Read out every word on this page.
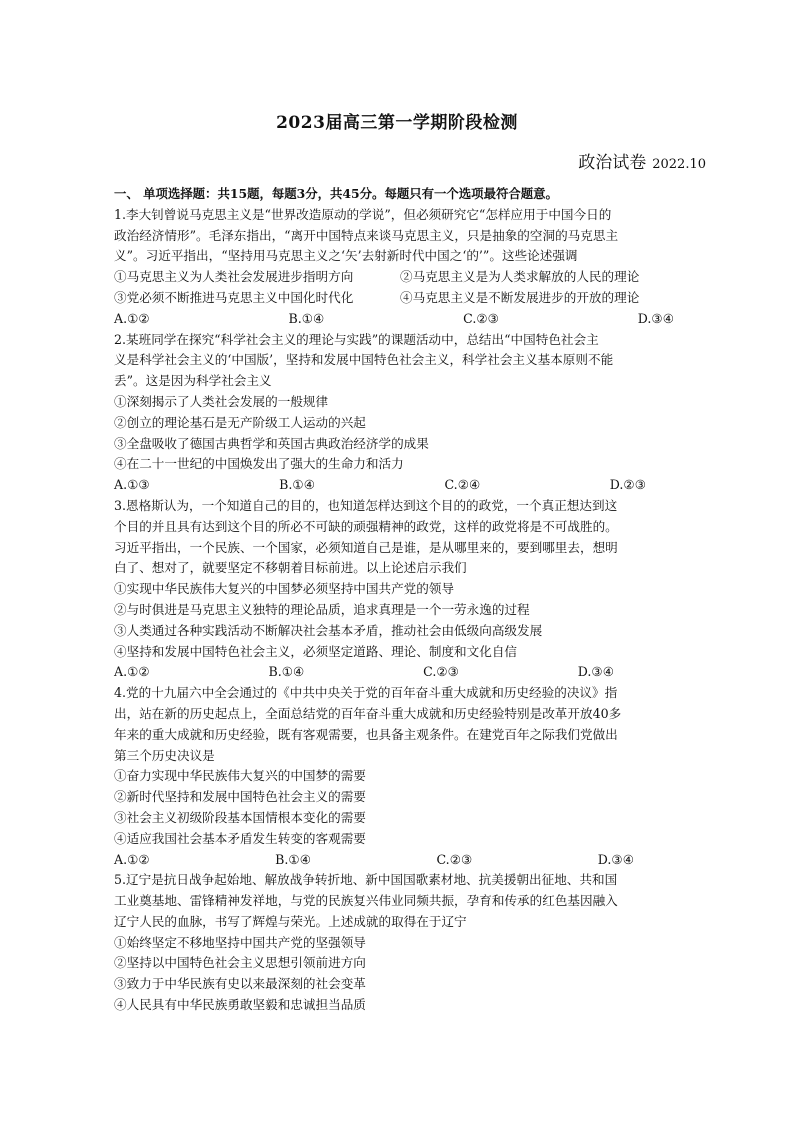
2023届高三第一学期阶段检测
政治试卷 2022.10
一、 单项选择题：共15题，每题3分，共45分。每题只有一个选项最符合题意。

1.李大钊曾说马克思主义是“世界改造原动的学说”，但必须研究它“怎样应用于中国今日的

政治经济情形”。毛泽东指出，“离开中国特点来谈马克思主义，只是抽象的空洞的马克思主

义”。习近平指出，“坚持用马克思主义之‘矢’去射新时代中国之‘的’”。这些论述强调

①马克思主义为人类社会发展进步指明方向	②马克思主义是为人类求解放的人民的理论
③党必须不断推进马克思主义中国化时代化	④马克思主义是不断发展进步的开放的理论
A.①②	B.①④	C.②③	D.③④

2.某班同学在探究“科学社会主义的理论与实践”的课题活动中，总结出“中国特色社会主

义是科学社会主义的‘中国版’，坚持和发展中国特色社会主义，科学社会主义基本原则不能

丢”。这是因为科学社会主义

①深刻揭示了人类社会发展的一般规律

②创立的理论基石是无产阶级工人运动的兴起

③全盘吸收了德国古典哲学和英国古典政治经济学的成果

④在二十一世纪的中国焕发出了强大的生命力和活力

A.①③	B.①④	C.②④	D.②③

3.恩格斯认为，一个知道自己的目的，也知道怎样达到这个目的的政党，一个真正想达到这

个目的并且具有达到这个目的所必不可缺的顽强精神的政党，这样的政党将是不可战胜的。

习近平指出，一个民族、一个国家，必须知道自己是谁，是从哪里来的，要到哪里去，想明

白了、想对了，就要坚定不移朝着目标前进。以上论述启示我们

①实现中华民族伟大复兴的中国梦必须坚持中国共产党的领导

②与时俱进是马克思主义独特的理论品质，追求真理是一个一劳永逸的过程

③人类通过各种实践活动不断解决社会基本矛盾，推动社会由低级向高级发展

④坚持和发展中国特色社会主义，必须坚定道路、理论、制度和文化自信

A.①②	B.①④	C.②③	D.③④

4.党的十九届六中全会通过的《中共中央关于党的百年奋斗重大成就和历史经验的决议》指

出，站在新的历史起点上，全面总结党的百年奋斗重大成就和历史经验特别是改革开放40多

年来的重大成就和历史经验，既有客观需要，也具备主观条件。在建党百年之际我们党做出

第三个历史决议是

①奋力实现中华民族伟大复兴的中国梦的需要

②新时代坚持和发展中国特色社会主义的需要

③社会主义初级阶段基本国情根本变化的需要

④适应我国社会基本矛盾发生转变的客观需要

A.①②	B.①④	C.②③	D.③④

5.辽宁是抗日战争起始地、解放战争转折地、新中国国歌素材地、抗美援朝出征地、共和国

工业奠基地、雷锋精神发祥地，与党的民族复兴伟业同频共振，孕育和传承的红色基因融入

辽宁人民的血脉，书写了辉煌与荣光。上述成就的取得在于辽宁

①始终坚定不移地坚持中国共产党的坚强领导

②坚持以中国特色社会主义思想引领前进方向

③致力于中华民族有史以来最深刻的社会变革

④人民具有中华民族勇敢坚毅和忠诚担当品质
